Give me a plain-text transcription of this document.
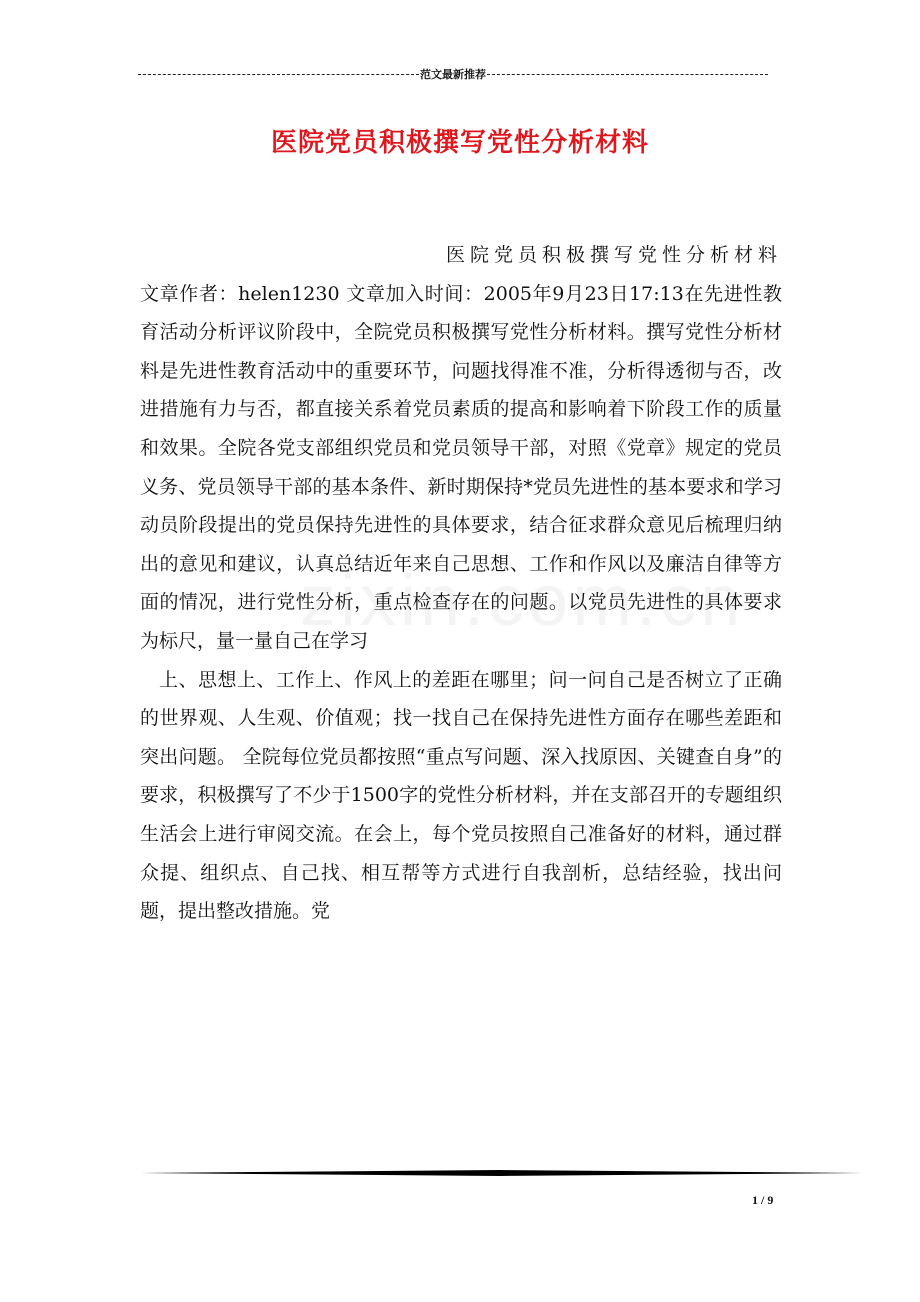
范文最新推荐
医院党员积极撰写党性分析材料

医院党员积极撰写党性分析材料

文章作者：helen1230 文章加入时间：2005年9月23日17:13在先进性教育活动分析评议阶段中，全院党员积极撰写党性分析材料。撰写党性分析材料是先进性教育活动中的重要环节，问题找得准不准，分析得透彻与否，改进措施有力与否，都直接关系着党员素质的提高和影响着下阶段工作的质量和效果。全院各党支部组织党员和党员领导干部，对照《党章》规定的党员义务、党员领导干部的基本条件、新时期保持*党员先进性的基本要求和学习动员阶段提出的党员保持先进性的具体要求，结合征求群众意见后梳理归纳出的意见和建议，认真总结近年来自己思想、工作和作风以及廉洁自律等方面的情况，进行党性分析，重点检查存在的问题。以党员先进性的具体要求为标尺，量一量自己在学习

上、思想上、工作上、作风上的差距在哪里；问一问自己是否树立了正确的世界观、人生观、价值观；找一找自己在保持先进性方面存在哪些差距和突出问题。 全院每位党员都按照“重点写问题、深入找原因、关键查自身”的要求，积极撰写了不少于1500字的党性分析材料，并在支部召开的专题组织生活会上进行审阅交流。在会上，每个党员按照自己准备好的材料，通过群众提、组织点、自己找、相互帮等方式进行自我剖析，总结经验，找出问题，提出整改措施。党

1 / 9
